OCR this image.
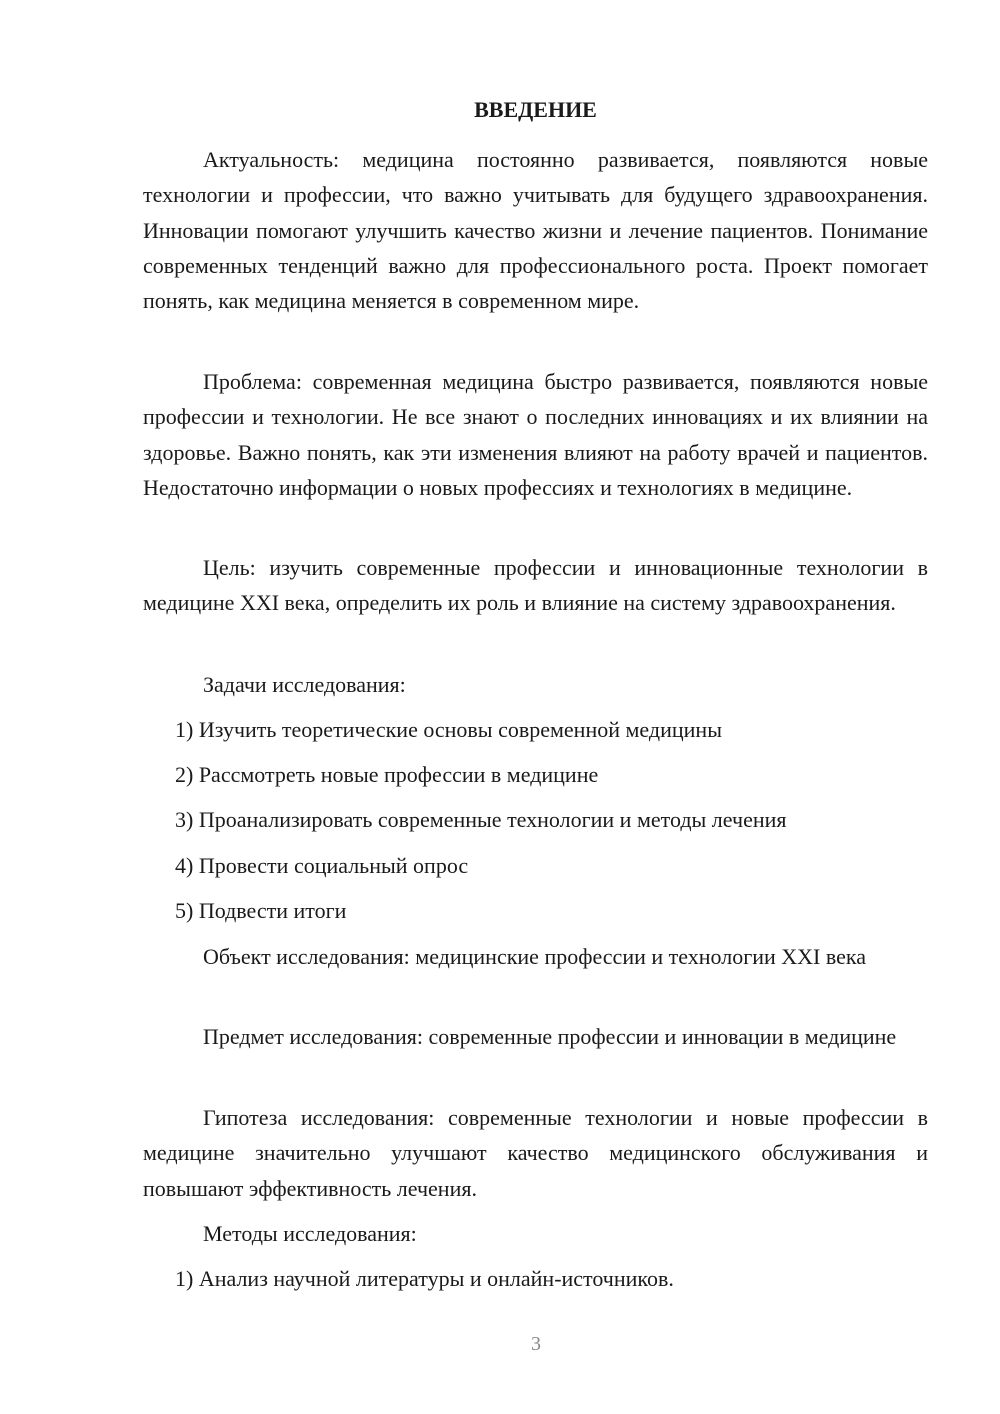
ВВЕДЕНИЕ

Актуальность: медицина постоянно развивается, появляются новые технологии и профессии, что важно учитывать для будущего здравоохранения. Инновации помогают улучшить качество жизни и лечение пациентов. Понимание современных тенденций важно для профессионального роста. Проект помогает понять, как медицина меняется в современном мире.

Проблема: современная медицина быстро развивается, появляются новые профессии и технологии. Не все знают о последних инновациях и их влиянии на здоровье. Важно понять, как эти изменения влияют на работу врачей и пациентов. Недостаточно информации о новых профессиях и технологиях в медицине.

Цель: изучить современные профессии и инновационные технологии в медицине XXI века, определить их роль и влияние на систему здравоохранения.

Задачи исследования:

1) Изучить теоретические основы современной медицины

2) Рассмотреть новые профессии в медицине

3) Проанализировать современные технологии и методы лечения

4) Провести социальный опрос

5) Подвести итоги

Объект исследования: медицинские профессии и технологии XXI века

Предмет исследования: современные профессии и инновации в медицине

Гипотеза исследования: современные технологии и новые профессии в медицине значительно улучшают качество медицинского обслуживания и повышают эффективность лечения.

Методы исследования:

1) Анализ научной литературы и онлайн-источников.

3
